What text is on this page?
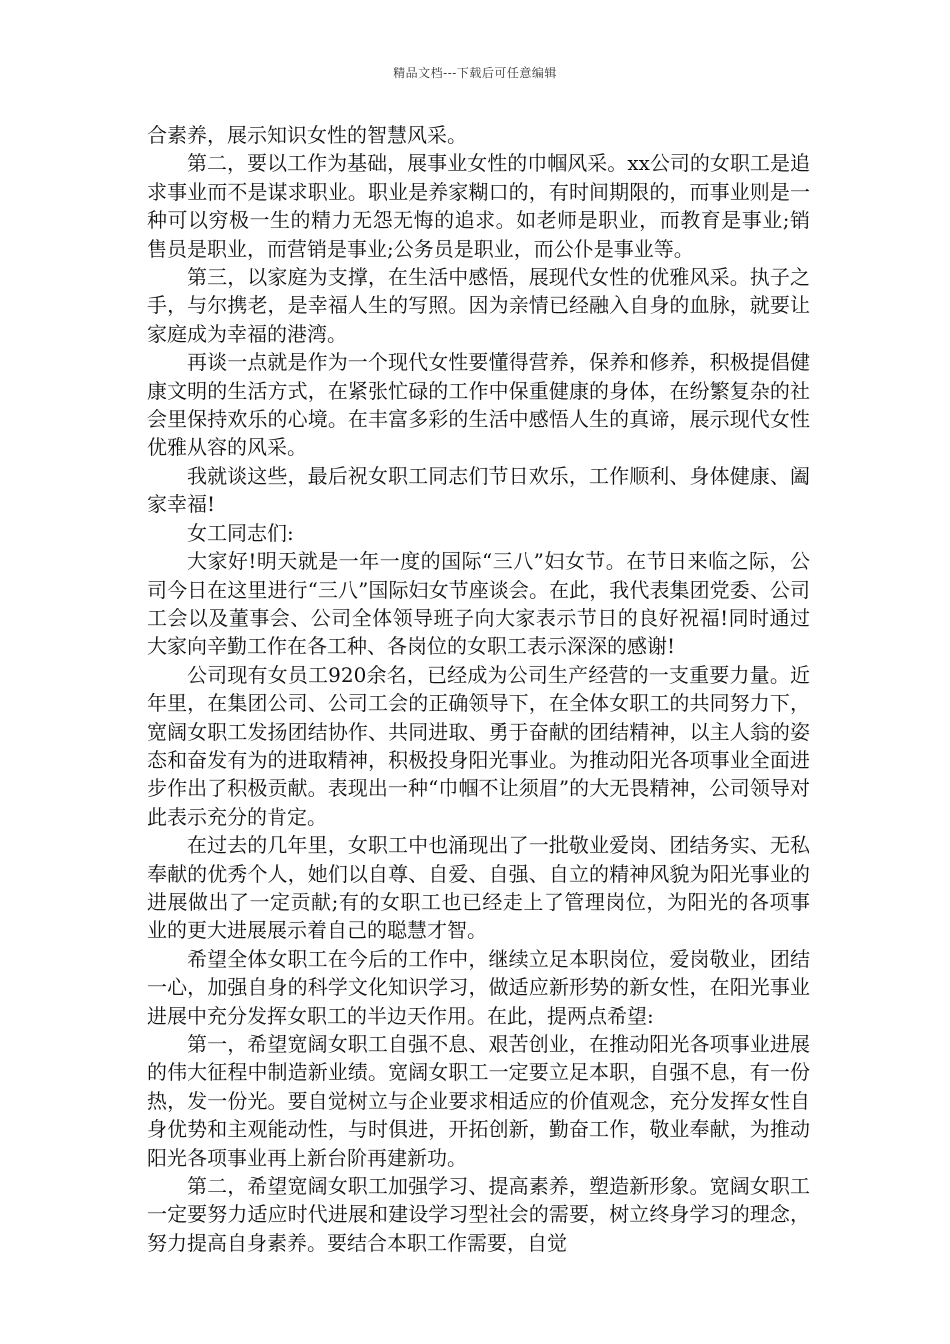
精品文档---下载后可任意编辑

合素养，展示知识女性的智慧风采。

第二，要以工作为基础，展事业女性的巾帼风采。xx公司的女职工是追求事业而不是谋求职业。职业是养家糊口的，有时间期限的，而事业则是一种可以穷极一生的精力无怨无悔的追求。如老师是职业，而教育是事业;销售员是职业，而营销是事业;公务员是职业，而公仆是事业等。

第三，以家庭为支撑，在生活中感悟，展现代女性的优雅风采。执子之手，与尔携老，是幸福人生的写照。因为亲情已经融入自身的血脉，就要让家庭成为幸福的港湾。

再谈一点就是作为一个现代女性要懂得营养，保养和修养，积极提倡健康文明的生活方式，在紧张忙碌的工作中保重健康的身体，在纷繁复杂的社会里保持欢乐的心境。在丰富多彩的生活中感悟人生的真谛，展示现代女性优雅从容的风采。

我就谈这些，最后祝女职工同志们节日欢乐，工作顺利、身体健康、阖家幸福!

女工同志们:

大家好!明天就是一年一度的国际“三八”妇女节。在节日来临之际，公司今日在这里进行“三八”国际妇女节座谈会。在此，我代表集团党委、公司工会以及董事会、公司全体领导班子向大家表示节日的良好祝福!同时通过大家向辛勤工作在各工种、各岗位的女职工表示深深的感谢!

公司现有女员工920余名，已经成为公司生产经营的一支重要力量。近年里，在集团公司、公司工会的正确领导下，在全体女职工的共同努力下，宽阔女职工发扬团结协作、共同进取、勇于奋献的团结精神，以主人翁的姿态和奋发有为的进取精神，积极投身阳光事业。为推动阳光各项事业全面进步作出了积极贡献。表现出一种“巾帼不让须眉”的大无畏精神，公司领导对此表示充分的肯定。

在过去的几年里，女职工中也涌现出了一批敬业爱岗、团结务实、无私奉献的优秀个人，她们以自尊、自爱、自强、自立的精神风貌为阳光事业的进展做出了一定贡献;有的女职工也已经走上了管理岗位，为阳光的各项事业的更大进展展示着自己的聪慧才智。

希望全体女职工在今后的工作中，继续立足本职岗位，爱岗敬业，团结一心，加强自身的科学文化知识学习，做适应新形势的新女性，在阳光事业进展中充分发挥女职工的半边天作用。在此，提两点希望:

第一，希望宽阔女职工自强不息、艰苦创业，在推动阳光各项事业进展的伟大征程中制造新业绩。宽阔女职工一定要立足本职，自强不息，有一份热，发一份光。要自觉树立与企业要求相适应的价值观念，充分发挥女性自身优势和主观能动性，与时俱进，开拓创新，勤奋工作，敬业奉献，为推动阳光各项事业再上新台阶再建新功。

第二，希望宽阔女职工加强学习、提高素养，塑造新形象。宽阔女职工一定要努力适应时代进展和建设学习型社会的需要，树立终身学习的理念，努力提高自身素养。要结合本职工作需要，自觉
